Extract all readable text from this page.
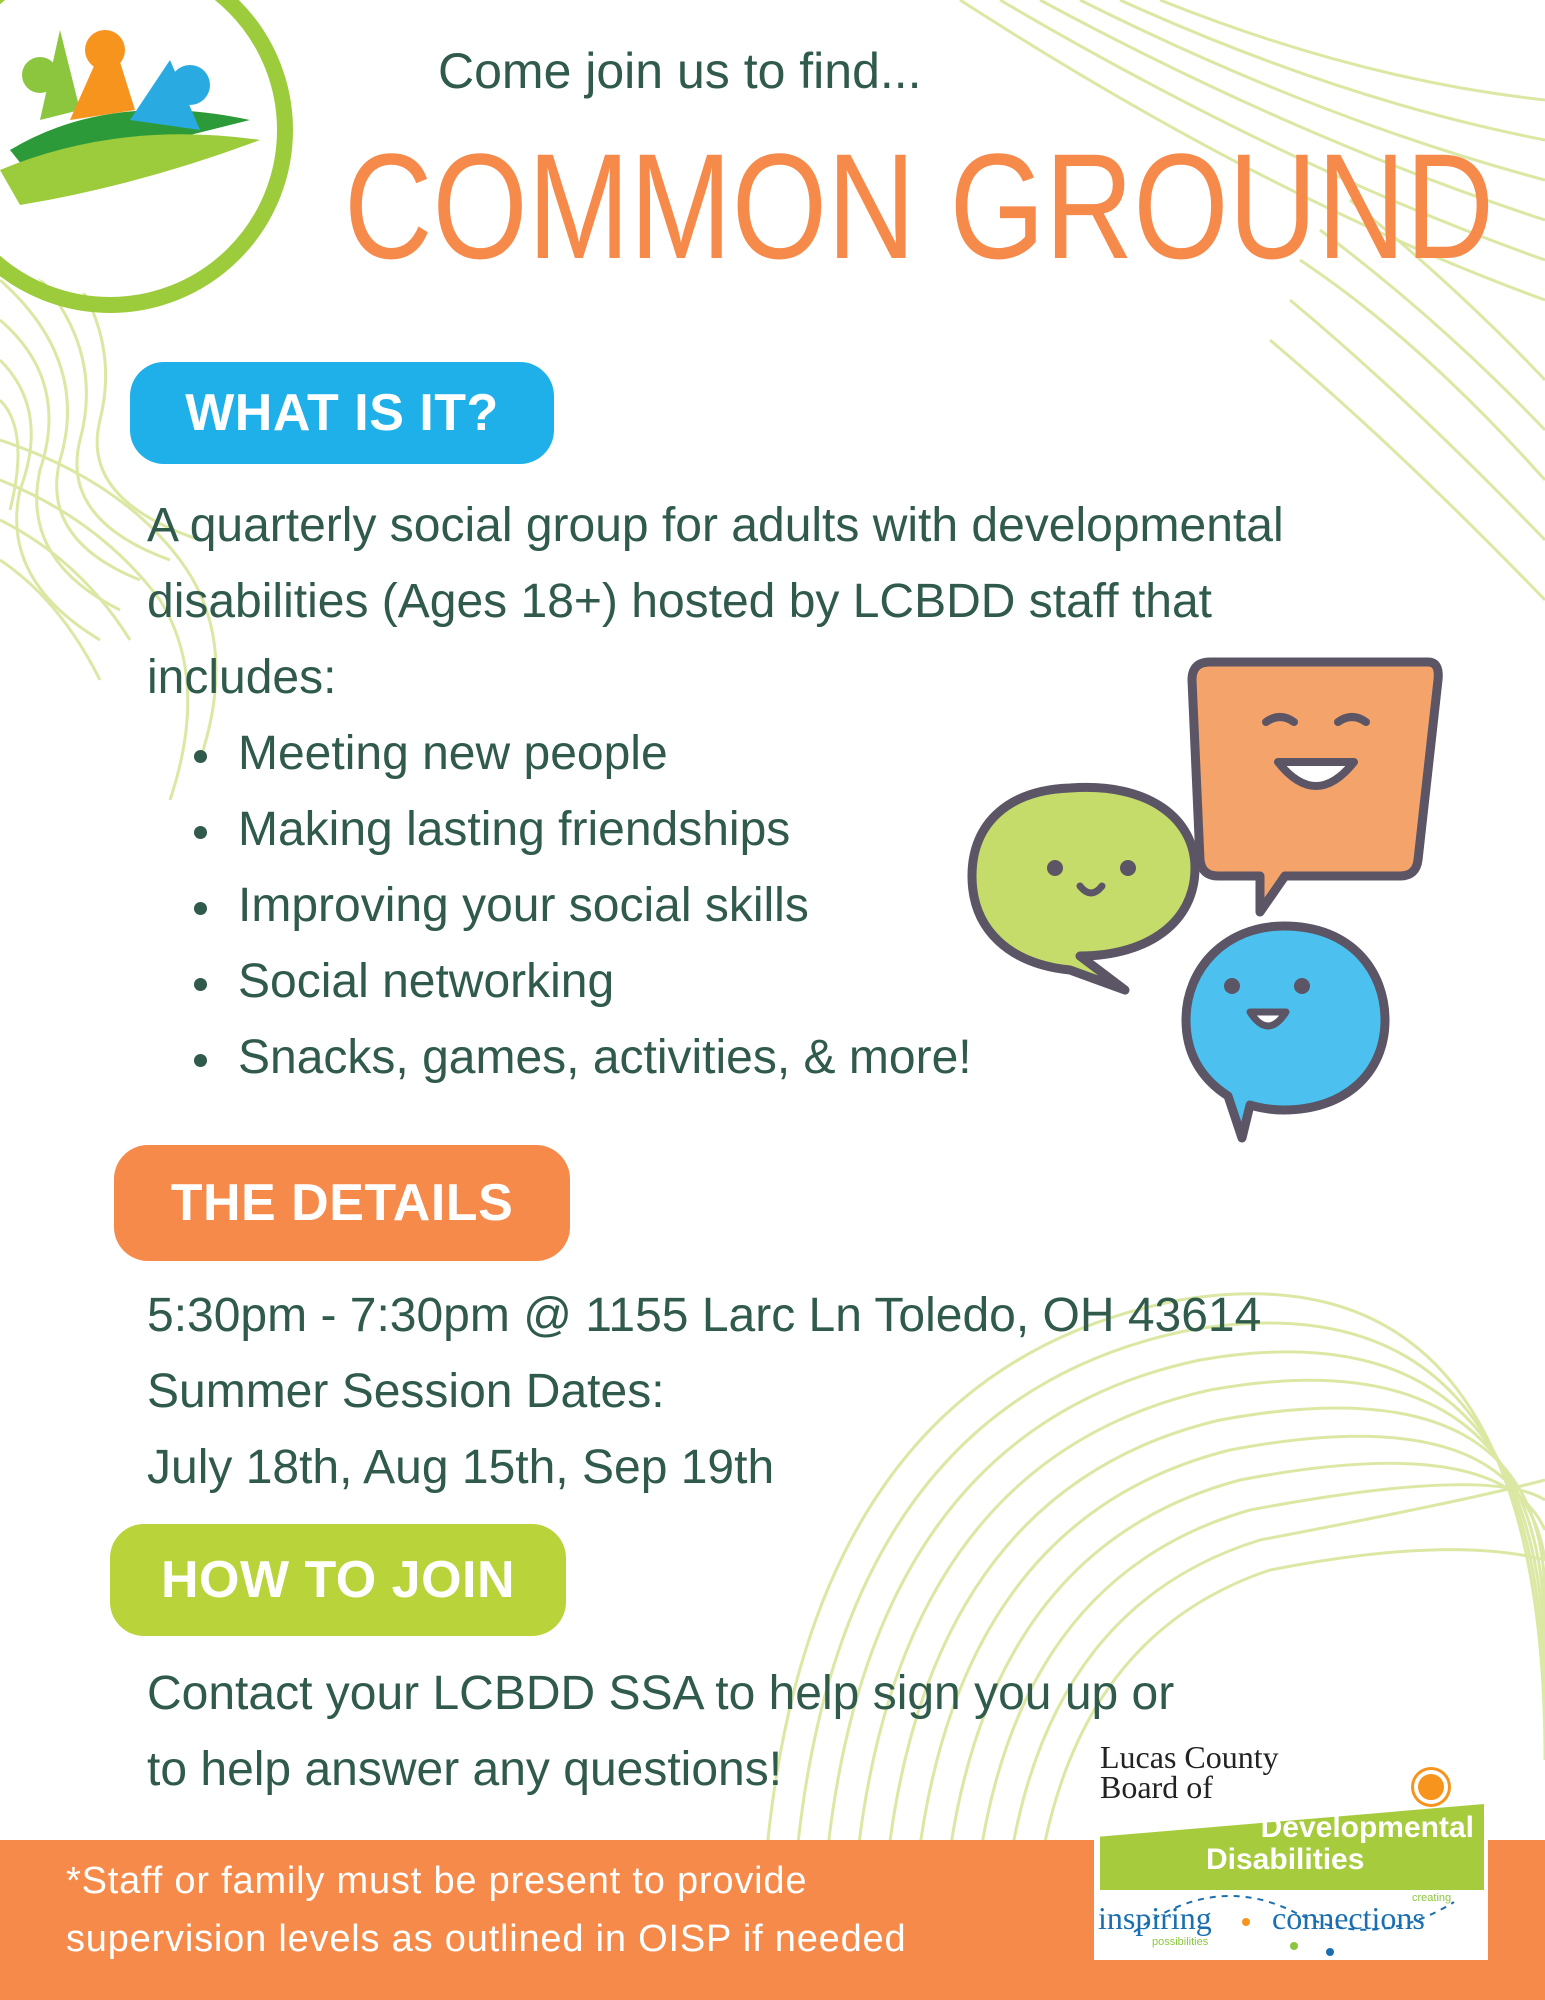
Come join us to find...
COMMON GROUND
WHAT IS IT?
A quarterly social group for adults with developmental disabilities (Ages 18+) hosted by LCBDD staff that includes:
Meeting new people
Making lasting friendships
Improving your social skills
Social networking
Snacks, games, activities, & more!
THE DETAILS
5:30pm - 7:30pm @ 1155 Larc Ln Toledo, OH 43614
Summer Session Dates:
July 18th, Aug 15th, Sep 19th
HOW TO JOIN
Contact your LCBDD SSA to help sign you up or
to help answer any questions!
*Staff or family must be present to provide
supervision levels as outlined in OISP if needed
Lucas County
Board of
Developmental
Disabilities
inspiring connections
creating
possibilities
